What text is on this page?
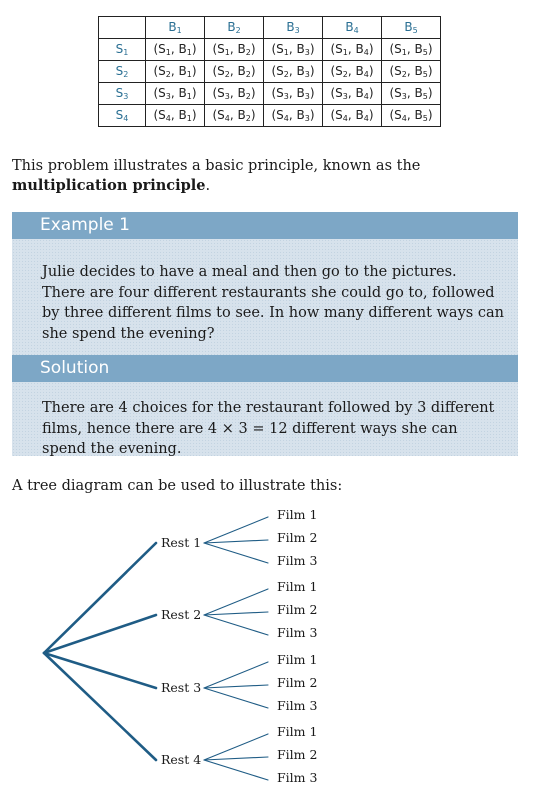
	$B_1$	$B_2$	$B_3$	$B_4$	$B_5$
$S_1$	($S_1$, $B_1$)	($S_1$, $B_2$)	($S_1$, $B_3$)	($S_1$, $B_4$)	($S_1$, $B_5$)
$S_2$	($S_2$, $B_1$)	($S_2$, $B_2$)	($S_2$, $B_3$)	($S_2$, $B_4$)	($S_2$, $B_5$)
$S_3$	($S_3$, $B_1$)	($S_3$, $B_2$)	($S_3$, $B_3$)	($S_3$, $B_4$)	($S_3$, $B_5$)
$S_4$	($S_4$, $B_1$)	($S_4$, $B_2$)	($S_4$, $B_3$)	($S_4$, $B_4$)	($S_4$, $B_5$)
This problem illustrates a basic principle, known as the multiplication principle.
Example 1
Julie decides to have a meal and then go to the pictures. There are four different restaurants she could go to, followed by three different films to see. In how many different ways can she spend the evening?
Solution
There are 4 choices for the restaurant followed by 3 different films, hence there are 4 × 3 = 12 different ways she can spend the evening.
A tree diagram can be used to illustrate this:
Rest 1
Film 1
Film 2
Film 3
Rest 2
Film 1
Film 2
Film 3
Rest 3
Film 1
Film 2
Film 3
Rest 4
Film 1
Film 2
Film 3
